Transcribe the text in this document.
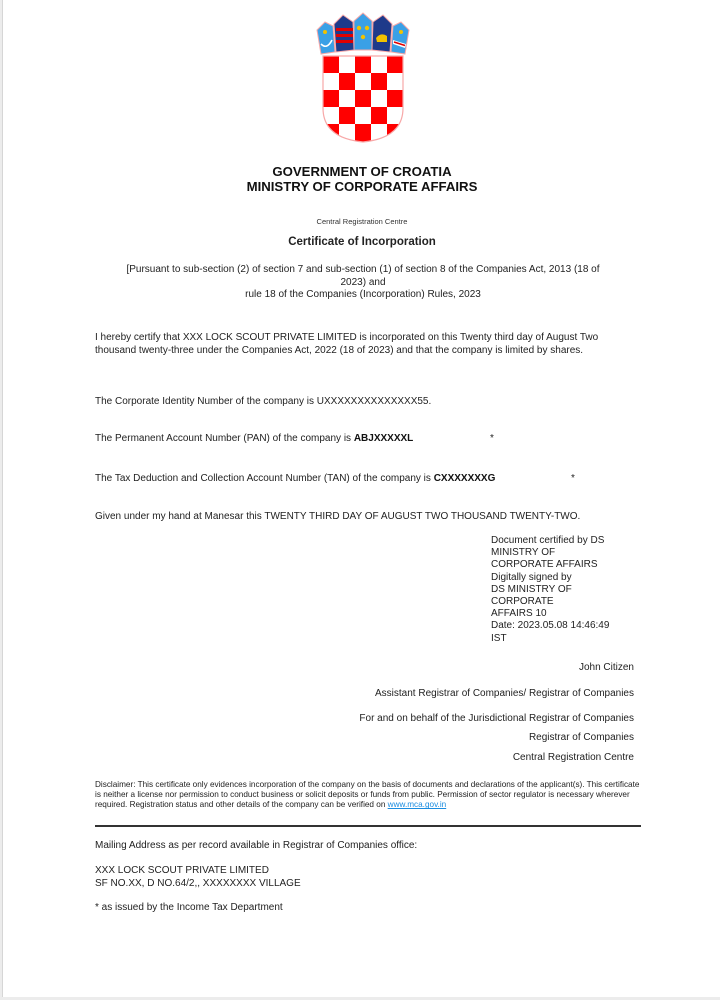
GOVERNMENT OF CROATIA
MINISTRY OF CORPORATE AFFAIRS
Central Registration Centre
Certificate of Incorporation
[Pursuant to sub-section (2) of section 7 and sub-section (1) of section 8 of the Companies Act, 2013 (18 of
2023) and
rule 18 of the Companies (Incorporation) Rules, 2023
I hereby certify that XXX LOCK SCOUT PRIVATE LIMITED is incorporated on this Twenty third day of August Two thousand twenty-three under the Companies Act, 2022 (18 of 2023) and that the company is limited by shares.
The Corporate Identity Number of the company is UXXXXXXXXXXXXXX55.
The Permanent Account Number (PAN) of the company is ABJXXXXXL	*
The Tax Deduction and Collection Account Number (TAN) of the company is CXXXXXXXG	*
Given under my hand at Manesar this TWENTY THIRD DAY OF AUGUST TWO THOUSAND TWENTY-TWO.
Document certified by DS
MINISTRY OF
CORPORATE AFFAIRS
Digitally signed by
DS MINISTRY OF
CORPORATE
AFFAIRS 10
Date: 2023.05.08 14:46:49
IST
John Citizen
Assistant Registrar of Companies/ Registrar of Companies
For and on behalf of the Jurisdictional Registrar of Companies
Registrar of Companies
Central Registration Centre
Disclaimer: This certificate only evidences incorporation of the company on the basis of documents and declarations of the applicant(s). This certificate is neither a license nor permission to conduct business or solicit deposits or funds from public. Permission of sector regulator is necessary wherever required. Registration status and other details of the company can be verified on www.mca.gov.in
Mailing Address as per record available in Registrar of Companies office:
XXX LOCK SCOUT PRIVATE LIMITED
SF NO.XX, D NO.64/2,, XXXXXXXX VILLAGE
* as issued by the Income Tax Department
